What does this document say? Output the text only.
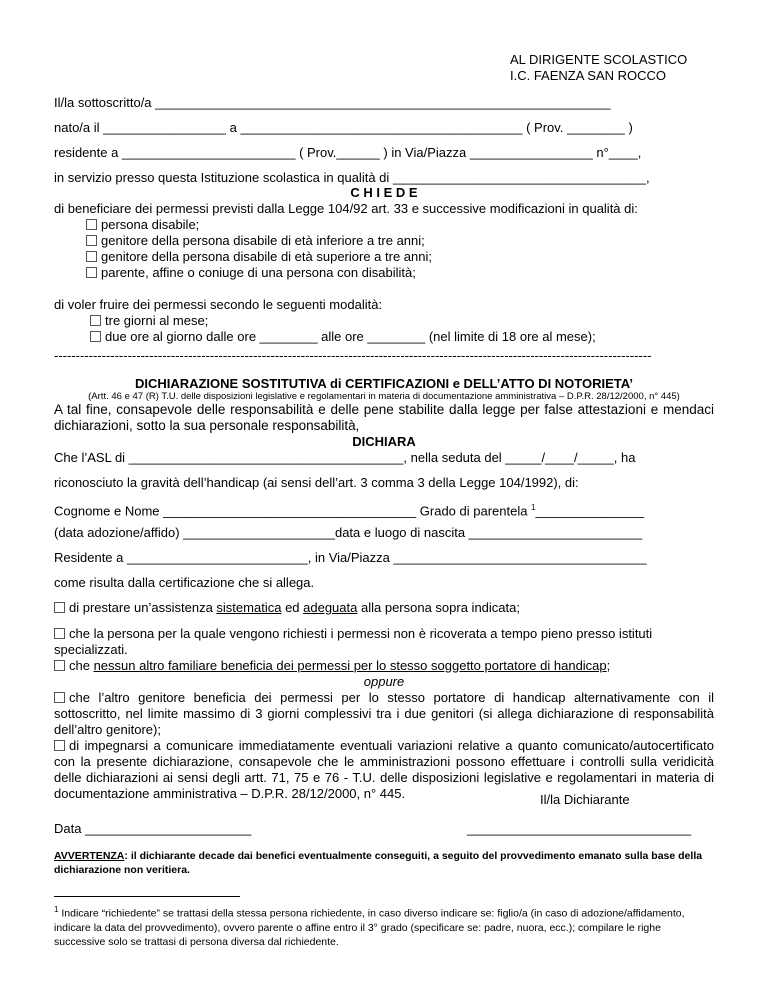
AL DIRIGENTE SCOLASTICO
I.C. FAENZA SAN ROCCO
Il/la sottoscritto/a _______________________________________________________________
nato/a il _________________ a _______________________________________ ( Prov. ________ )
residente a ________________________ ( Prov.______ ) in Via/Piazza _________________ n°____,
in servizio presso questa Istituzione scolastica in qualità di ___________________________________,
C H I E D E
di beneficiare dei permessi previsti dalla Legge 104/92 art. 33 e successive modificazioni in qualità di:
persona disabile;
genitore della persona disabile di età inferiore a tre anni;
genitore della persona disabile di età superiore a tre anni;
parente, affine o coniuge di una persona con disabilità;
di voler fruire dei permessi secondo le seguenti modalità:
tre giorni al mese;
due ore al giorno dalle ore ________ alle ore ________ (nel limite di 18 ore al mese);
------------------------------------------------------------------------------------------------------------------------------------------
DICHIARAZIONE SOSTITUTIVA di CERTIFICAZIONI e DELL’ATTO DI NOTORIETA’
(Artt. 46 e 47 (R) T.U. delle disposizioni legislative e regolamentari in materia di documentazione amministrativa – D.P.R. 28/12/2000, n° 445)
A tal fine, consapevole delle responsabilità e delle pene stabilite dalla legge per false attestazioni e mendaci dichiarazioni, sotto la sua personale responsabilità,
DICHIARA
Che l’ASL di ______________________________________, nella seduta del _____/____/_____, ha
riconosciuto la gravità dell’handicap (ai sensi dell’art. 3 comma 3 della Legge 104/1992), di:
Cognome e Nome ___________________________________ Grado di parentela $^1$_______________
(data adozione/affido) _____________________data e luogo di nascita ________________________
Residente a _________________________, in Via/Piazza ___________________________________
come risulta dalla certificazione che si allega.
di prestare un’assistenza sistematica ed adeguata alla persona sopra indicata;
che la persona per la quale vengono richiesti i permessi non è ricoverata a tempo pieno presso istituti specializzati.
che nessun altro familiare beneficia dei permessi per lo stesso soggetto portatore di handicap;
oppure
che l’altro genitore beneficia dei permessi per lo stesso portatore di handicap alternativamente con il sottoscritto, nel limite massimo di 3 giorni complessivi tra i due genitori (si allega dichiarazione di responsabilità dell’altro genitore);
di impegnarsi a comunicare immediatamente eventuali variazioni relative a quanto comunicato/autocertificato con la presente dichiarazione, consapevole che le amministrazioni possono effettuare i controlli sulla veridicità delle dichiarazioni ai sensi degli artt. 71, 75 e 76 - T.U. delle disposizioni legislative e regolamentari in materia di documentazione amministrativa – D.P.R. 28/12/2000, n° 445.	Il/la Dichiarante
Data _______________________	_______________________________
AVVERTENZA: il dichiarante decade dai benefici eventualmente conseguiti, a seguito del provvedimento emanato sulla base della dichiarazione non veritiera.
$^1$ Indicare “richiedente” se trattasi della stessa persona richiedente, in caso diverso indicare se: figlio/a (in caso di adozione/affidamento, indicare la data del provvedimento), ovvero parente o affine entro il 3° grado (specificare se: padre, nuora, ecc.); compilare le righe successive solo se trattasi di persona diversa dal richiedente.
